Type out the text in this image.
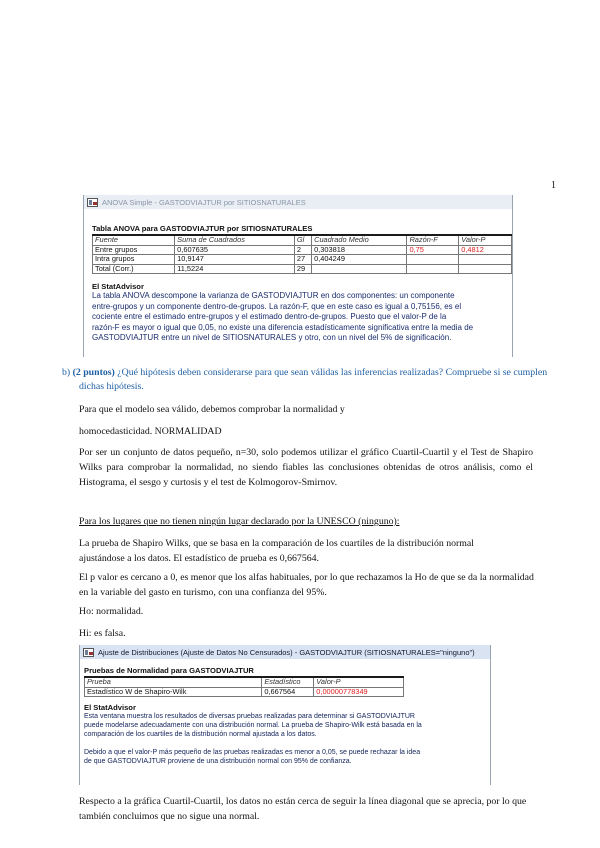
1
ANOVA Simple - GASTODVIAJTUR por SITIOSNATURALES
Tabla ANOVA para GASTODVIAJTUR por SITIOSNATURALES
Fuente	Suma de Cuadrados	Gl	Cuadrado Medio	Razón-F	Valor-P
Entre grupos	0,607635	2	0,303818	0,75	0,4812
Intra grupos	10,9147	27	0,404249		
Total (Corr.)	11,5224	29			
El StatAdvisor
La tabla ANOVA descompone la varianza de GASTODVIAJTUR en dos componentes: un componente
entre-grupos y un componente dentro-de-grupos. La razón-F, que en este caso es igual a 0,75156, es el
cociente entre el estimado entre-grupos y el estimado dentro-de-grupos. Puesto que el valor-P de la
razón-F es mayor o igual que 0,05, no existe una diferencia estadísticamente significativa entre la media de
GASTODVIAJTUR entre un nivel de SITIOSNATURALES y otro, con un nivel del 5% de significación.
b) (2 puntos) ¿Qué hipótesis deben considerarse para que sean válidas las inferencias realizadas? Compruebe si se cumplen dichas hipótesis.
Para que el modelo sea válido, debemos comprobar la normalidad y
homocedasticidad. NORMALIDAD
Por ser un conjunto de datos pequeño, n=30, solo podemos utilizar el gráfico Cuartil-Cuartil y el Test de Shapiro Wilks para comprobar la normalidad, no siendo fiables las conclusiones obtenidas de otros análisis, como el Histograma, el sesgo y curtosis y el test de Kolmogorov-Smirnov.
Para los lugares que no tienen ningún lugar declarado por la UNESCO (ninguno):
La prueba de Shapiro Wilks, que se basa en la comparación de los cuartiles de la distribución normal ajustándose a los datos. El estadístico de prueba es 0,667564.
El p valor es cercano a 0, es menor que los alfas habituales, por lo que rechazamos la Ho de que se da la normalidad en la variable del gasto en turismo, con una confianza del 95%.
Ho: normalidad.
Hi: es falsa.
Ajuste de Distribuciones (Ajuste de Datos No Censurados) - GASTODVIAJTUR (SITIOSNATURALES="ninguno")
Pruebas de Normalidad para GASTODVIAJTUR
Prueba	Estadístico	Valor-P
Estadístico W de Shapiro-Wilk	0,667564	0,00000778349
El StatAdvisor
Esta ventana muestra los resultados de diversas pruebas realizadas para determinar si GASTODVIAJTUR
puede modelarse adecuadamente con una distribución normal. La prueba de Shapiro-Wilk está basada en la
comparación de los cuartiles de la distribución normal ajustada a los datos.
Debido a que el valor-P más pequeño de las pruebas realizadas es menor a 0,05, se puede rechazar la idea
de que GASTODVIAJTUR proviene de una distribución normal con 95% de confianza.
Respecto a la gráfica Cuartil-Cuartil, los datos no están cerca de seguir la línea diagonal que se aprecia, por lo que también concluimos que no sigue una normal.
